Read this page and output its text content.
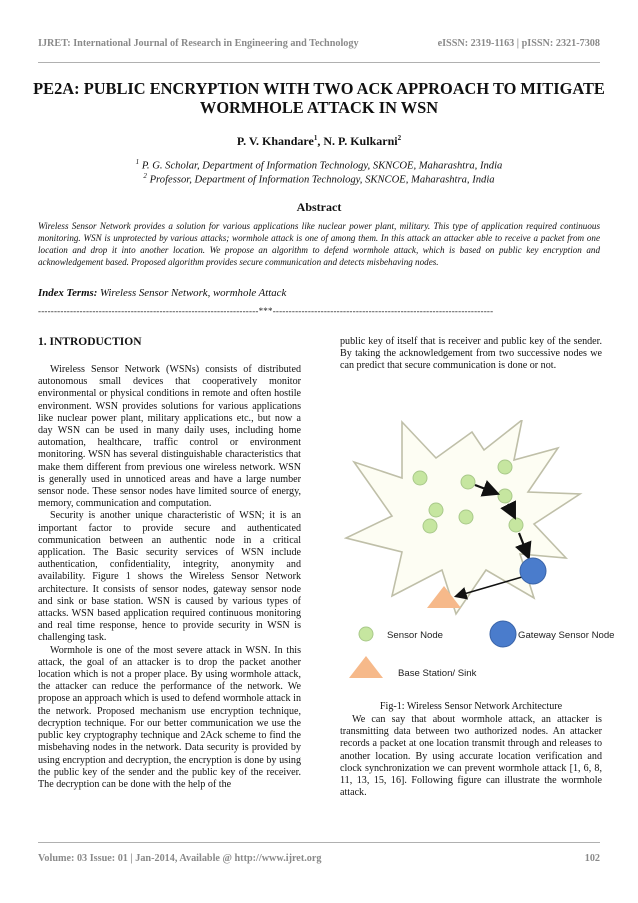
IJRET: International Journal of Research in Engineering and Technology	eISSN: 2319-1163 | pISSN: 2321-7308
PE2A: PUBLIC ENCRYPTION WITH TWO ACK APPROACH TO MITIGATE WORMHOLE ATTACK IN WSN
P. V. Khandare$^1$, N. P. Kulkarni$^2$
$^1$ P. G. Scholar, Department of Information Technology, SKNCOE, Maharashtra, India
$^2$ Professor, Department of Information Technology, SKNCOE, Maharashtra, India
Abstract

Wireless Sensor Network provides a solution for various applications like nuclear power plant, military. This type of application required continuous monitoring. WSN is unprotected by various attacks; wormhole attack is one of among them. In this attack an attacker able to receive a packet from one location and drop it into another location. We propose an algorithm to defend wormhole attack, which is based on public key encryption and acknowledgement based. Proposed algorithm provides secure communication and detects misbehaving nodes.

Index Terms: Wireless Sensor Network, wormhole Attack
---------------------------------------------------------------------***---------------------------------------------------------------------
1. INTRODUCTION

Wireless Sensor Network (WSNs) consists of distributed autonomous small devices that cooperatively monitor environmental or physical conditions in remote and often hostile environment. WSN provides solutions for various applications like nuclear power plant, military applications etc., but now a day WSN can be used in many daily uses, including home automation, healthcare, traffic control or environment monitoring. WSN has several distinguishable characteristics that make them different from previous one wireless network. WSN is generally used in unnoticed areas and have a large number sensor node. These sensor nodes have limited source of energy, memory, communication and computation.

Security is another unique characteristic of WSN; it is an important factor to provide secure and authenticated communication between an authentic node in a critical application. The Basic security services of WSN include authentication, confidentiality, integrity, anonymity and availability. Figure 1 shows the Wireless Sensor Network architecture. It consists of sensor nodes, gateway sensor node and sink or base station. WSN is caused by various types of attacks. WSN based application required continuous monitoring and real time response, hence to provide security in WSN is challenging task.

Wormhole is one of the most severe attack in WSN. In this attack, the goal of an attacker is to drop the packet another location which is not a proper place. By using wormhole attack, the attacker can reduce the performance of the network. We propose an approach which is used to defend wormhole attack in the network. Proposed mechanism use encryption technique, decryption technique. For our better communication we use the public key cryptography technique and 2Ack scheme to find the misbehaving nodes in the network. Data security is provided by using encryption and decryption, the encryption is done by using the public key of the sender and the public key of the receiver. The decryption can be done with the help of the

public key of itself that is receiver and public key of the sender. By taking the acknowledgement from two successive nodes we can predict that secure communication is done or not.

Sensor Node	Gateway Sensor Node
Base Station/ Sink
Fig-1: Wireless Sensor Network Architecture

We can say that about wormhole attack, an attacker is transmitting data between two authorized nodes. An attacker records a packet at one location transmit through and releases to another location. By using accurate location verification and clock synchronization we can prevent wormhole attack [1, 6, 8, 11, 13, 15, 16]. Following figure can illustrate the wormhole attack.

Volume: 03 Issue: 01 | Jan-2014, Available @ http://www.ijret.org	102
